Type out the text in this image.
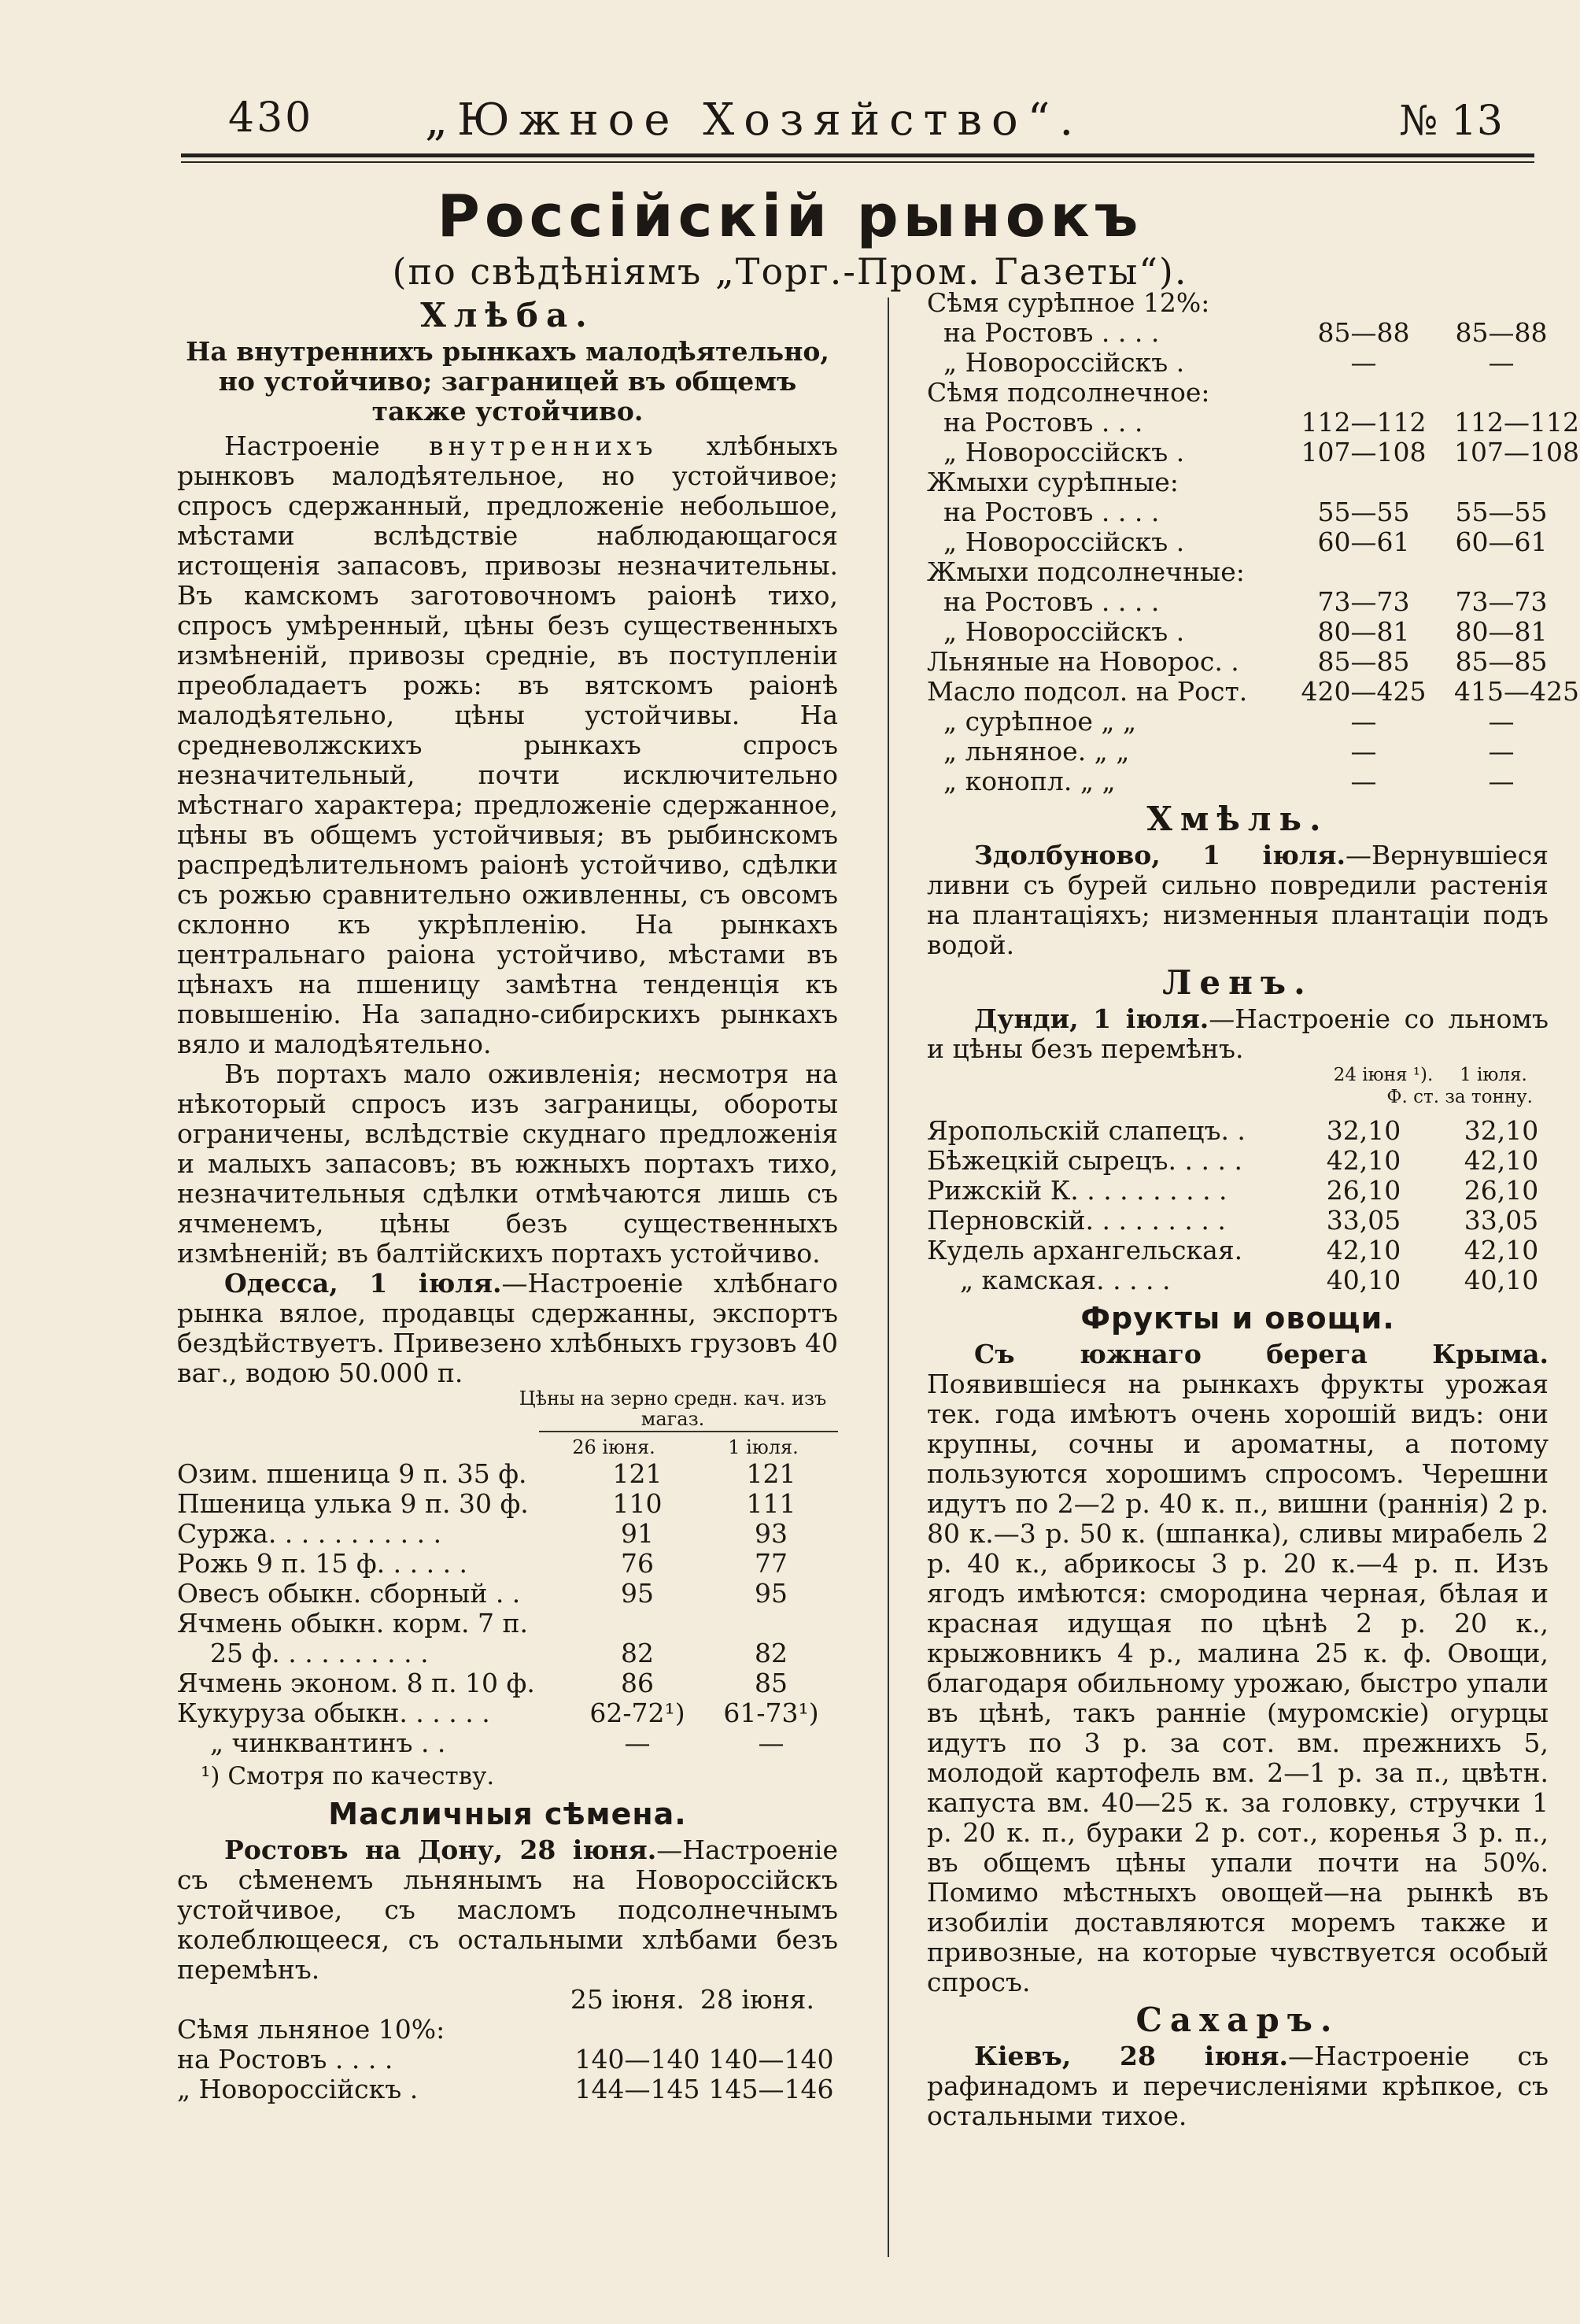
430	„Южное Хозяйство“.	№ 13
Россійскій рынокъ
(по свѣдѣніямъ „Торг.-Пром. Газеты“).
Хлѣба.
На внутреннихъ рынкахъ малодѣятельно, но устойчиво; заграницей въ общемъ также устойчиво.

Настроеніе внутреннихъ хлѣбныхъ рынковъ малодѣятельное, но устойчивое; спросъ сдержанный, предложеніе небольшое, мѣстами вслѣдствіе наблюдающагося истощенія запасовъ, привозы незначительны. Въ камскомъ заготовочномъ раіонѣ тихо, спросъ умѣренный, цѣны безъ существенныхъ измѣненій, привозы средніе, въ поступленіи преобладаетъ рожь: въ вятскомъ раіонѣ малодѣятельно, цѣны устойчивы. На средневолжскихъ рынкахъ спросъ незначительный, почти исключительно мѣстнаго характера; предложеніе сдержанное, цѣны въ общемъ устойчивыя; въ рыбинскомъ распредѣлительномъ раіонѣ устойчиво, сдѣлки съ рожью сравнительно оживленны, съ овсомъ склонно къ укрѣпленію. На рынкахъ центральнаго раіона устойчиво, мѣстами въ цѣнахъ на пшеницу замѣтна тенденція къ повышенію. На западно-сибирскихъ рынкахъ вяло и малодѣятельно.

Въ портахъ мало оживленія; несмотря на нѣкоторый спросъ изъ заграницы, обороты ограничены, вслѣдствіе скуднаго предложенія и малыхъ запасовъ; въ южныхъ портахъ тихо, незначительныя сдѣлки отмѣчаются лишь съ ячменемъ, цѣны безъ существенныхъ измѣненій; въ балтійскихъ портахъ устойчиво.

Одесса, 1 іюля.—Настроеніе хлѣбнаго рынка вялое, продавцы сдержанны, экспортъ бездѣйствуетъ. Привезено хлѣбныхъ грузовъ 40 ваг., водою 50.000 п.

Цѣны на зерно средн. кач. изъ магаз.
26 іюня.	1 іюля.
Озим. пшеница 9 п. 35 ф.	121	121
Пшеница улька 9 п. 30 ф.	110	111
Суржа. . . . . . . . . . .	91	93
Рожь 9 п. 15 ф. . . . . .	76	77
Овесъ обыкн. сборный . .	95	95
Ячмень обыкн. корм. 7 п.
25 ф. . . . . . . . . .	82	82
Ячмень эконом. 8 п. 10 ф.	86	85
Кукуруза обыкн. . . . . .	62-72¹)	61-73¹)
„ чинквантинъ . .	—	—
¹) Смотря по качеству.
Масличныя сѣмена.

Ростовъ на Дону, 28 іюня.—Настроеніе съ сѣменемъ льнянымъ на Новороссійскъ устойчивое, съ масломъ подсолнечнымъ колеблющееся, съ остальными хлѣбами безъ перемѣнъ.

25 іюня. 28 іюня.
Сѣмя льняное 10%:
на Ростовъ . . . .	140—140 140—140
„ Новороссійскъ .	144—145 145—146
Сѣмя сурѣпное 12%:
на Ростовъ . . . .	85—88	85—88
„ Новороссійскъ .	—	—
Сѣмя подсолнечное:
на Ростовъ . . .	112—112	112—112
„ Новороссійскъ .	107—108	107—108
Жмыхи сурѣпные:
на Ростовъ . . . .	55—55	55—55
„ Новороссійскъ .	60—61	60—61
Жмыхи подсолнечные:
на Ростовъ . . . .	73—73	73—73
„ Новороссійскъ .	80—81	80—81
Льняные на Новорос. .	85—85	85—85
Масло подсол. на Рост.	420—425	415—425
„ сурѣпное „ „	—	—
„ льняное. „ „	—	—
„ конопл. „ „	—	—
Хмѣль.

Здолбуново, 1 іюля.—Вернувшіеся ливни съ бурей сильно повредили растенія на плантаціяхъ; низменныя плантаціи подъ водой.

Ленъ.

Дунди, 1 іюля.—Настроеніе со льномъ и цѣны безъ перемѣнъ.

24 іюня ¹).	1 іюля.
Ф. ст. за тонну.
Яропольскій слапецъ. .	32,10	32,10
Бѣжецкій сырецъ. . . . .	42,10	42,10
Рижскій К. . . . . . . . . .	26,10	26,10
Перновскій. . . . . . . . .	33,05	33,05
Кудель архангельская.	42,10	42,10
„ камская. . . . .	40,10	40,10
Фрукты и овощи.

Съ южнаго берега Крыма. Появившіеся на рынкахъ фрукты урожая тек. года имѣютъ очень хорошій видъ: они крупны, сочны и ароматны, а потому пользуются хорошимъ спросомъ. Черешни идутъ по 2—2 р. 40 к. п., вишни (раннія) 2 р. 80 к.—3 р. 50 к. (шпанка), сливы мирабель 2 р. 40 к., абрикосы 3 р. 20 к.—4 р. п. Изъ ягодъ имѣются: смородина черная, бѣлая и красная идущая по цѣнѣ 2 р. 20 к., крыжовникъ 4 р., малина 25 к. ф. Овощи, благодаря обильному урожаю, быстро упали въ цѣнѣ, такъ ранніе (муромскіе) огурцы идутъ по 3 р. за сот. вм. прежнихъ 5, молодой картофель вм. 2—1 р. за п., цвѣтн. капуста вм. 40—25 к. за головку, стручки 1 р. 20 к. п., бураки 2 р. сот., коренья 3 р. п., въ общемъ цѣны упали почти на 50%. Помимо мѣстныхъ овощей—на рынкѣ въ изобиліи доставляются моремъ также и привозные, на которые чувствуется особый спросъ.

Сахаръ.

Кіевъ, 28 іюня.—Настроеніе съ рафинадомъ и перечисленіями крѣпкое, съ остальными тихое.
